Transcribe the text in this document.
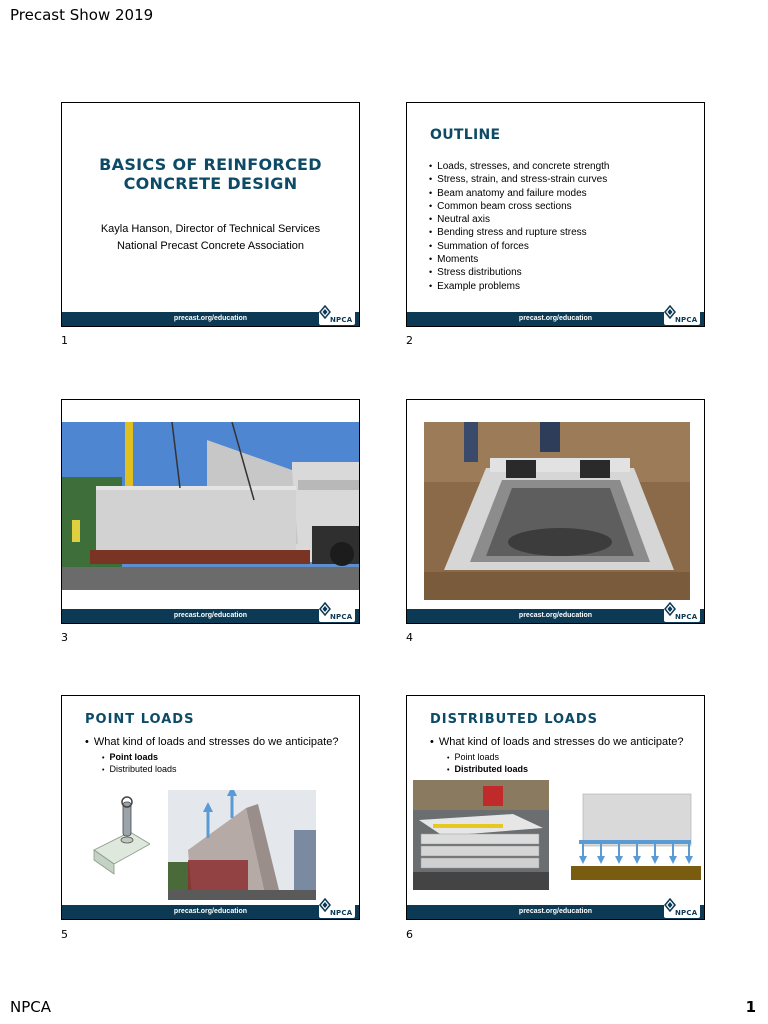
Precast Show 2019
BASICS OF REINFORCED
CONCRETE DESIGN
Kayla Hanson, Director of Technical Services
National Precast Concrete Association
precast.org/education	NPCA
1
OUTLINE
• Loads, stresses, and concrete strength
• Stress, strain, and stress-strain curves
• Beam anatomy and failure modes
• Common beam cross sections
• Neutral axis
• Bending stress and rupture stress
• Summation of forces
• Moments
• Stress distributions
• Example problems
precast.org/education	NPCA
2
precast.org/education	NPCA
3
precast.org/education	NPCA
4
POINT LOADS
• What kind of loads and stresses do we anticipate?
• Point loads
• Distributed loads
precast.org/education	NPCA
5
DISTRIBUTED LOADS
• What kind of loads and stresses do we anticipate?
• Point loads
• Distributed loads
precast.org/education	NPCA
6
NPCA	1
